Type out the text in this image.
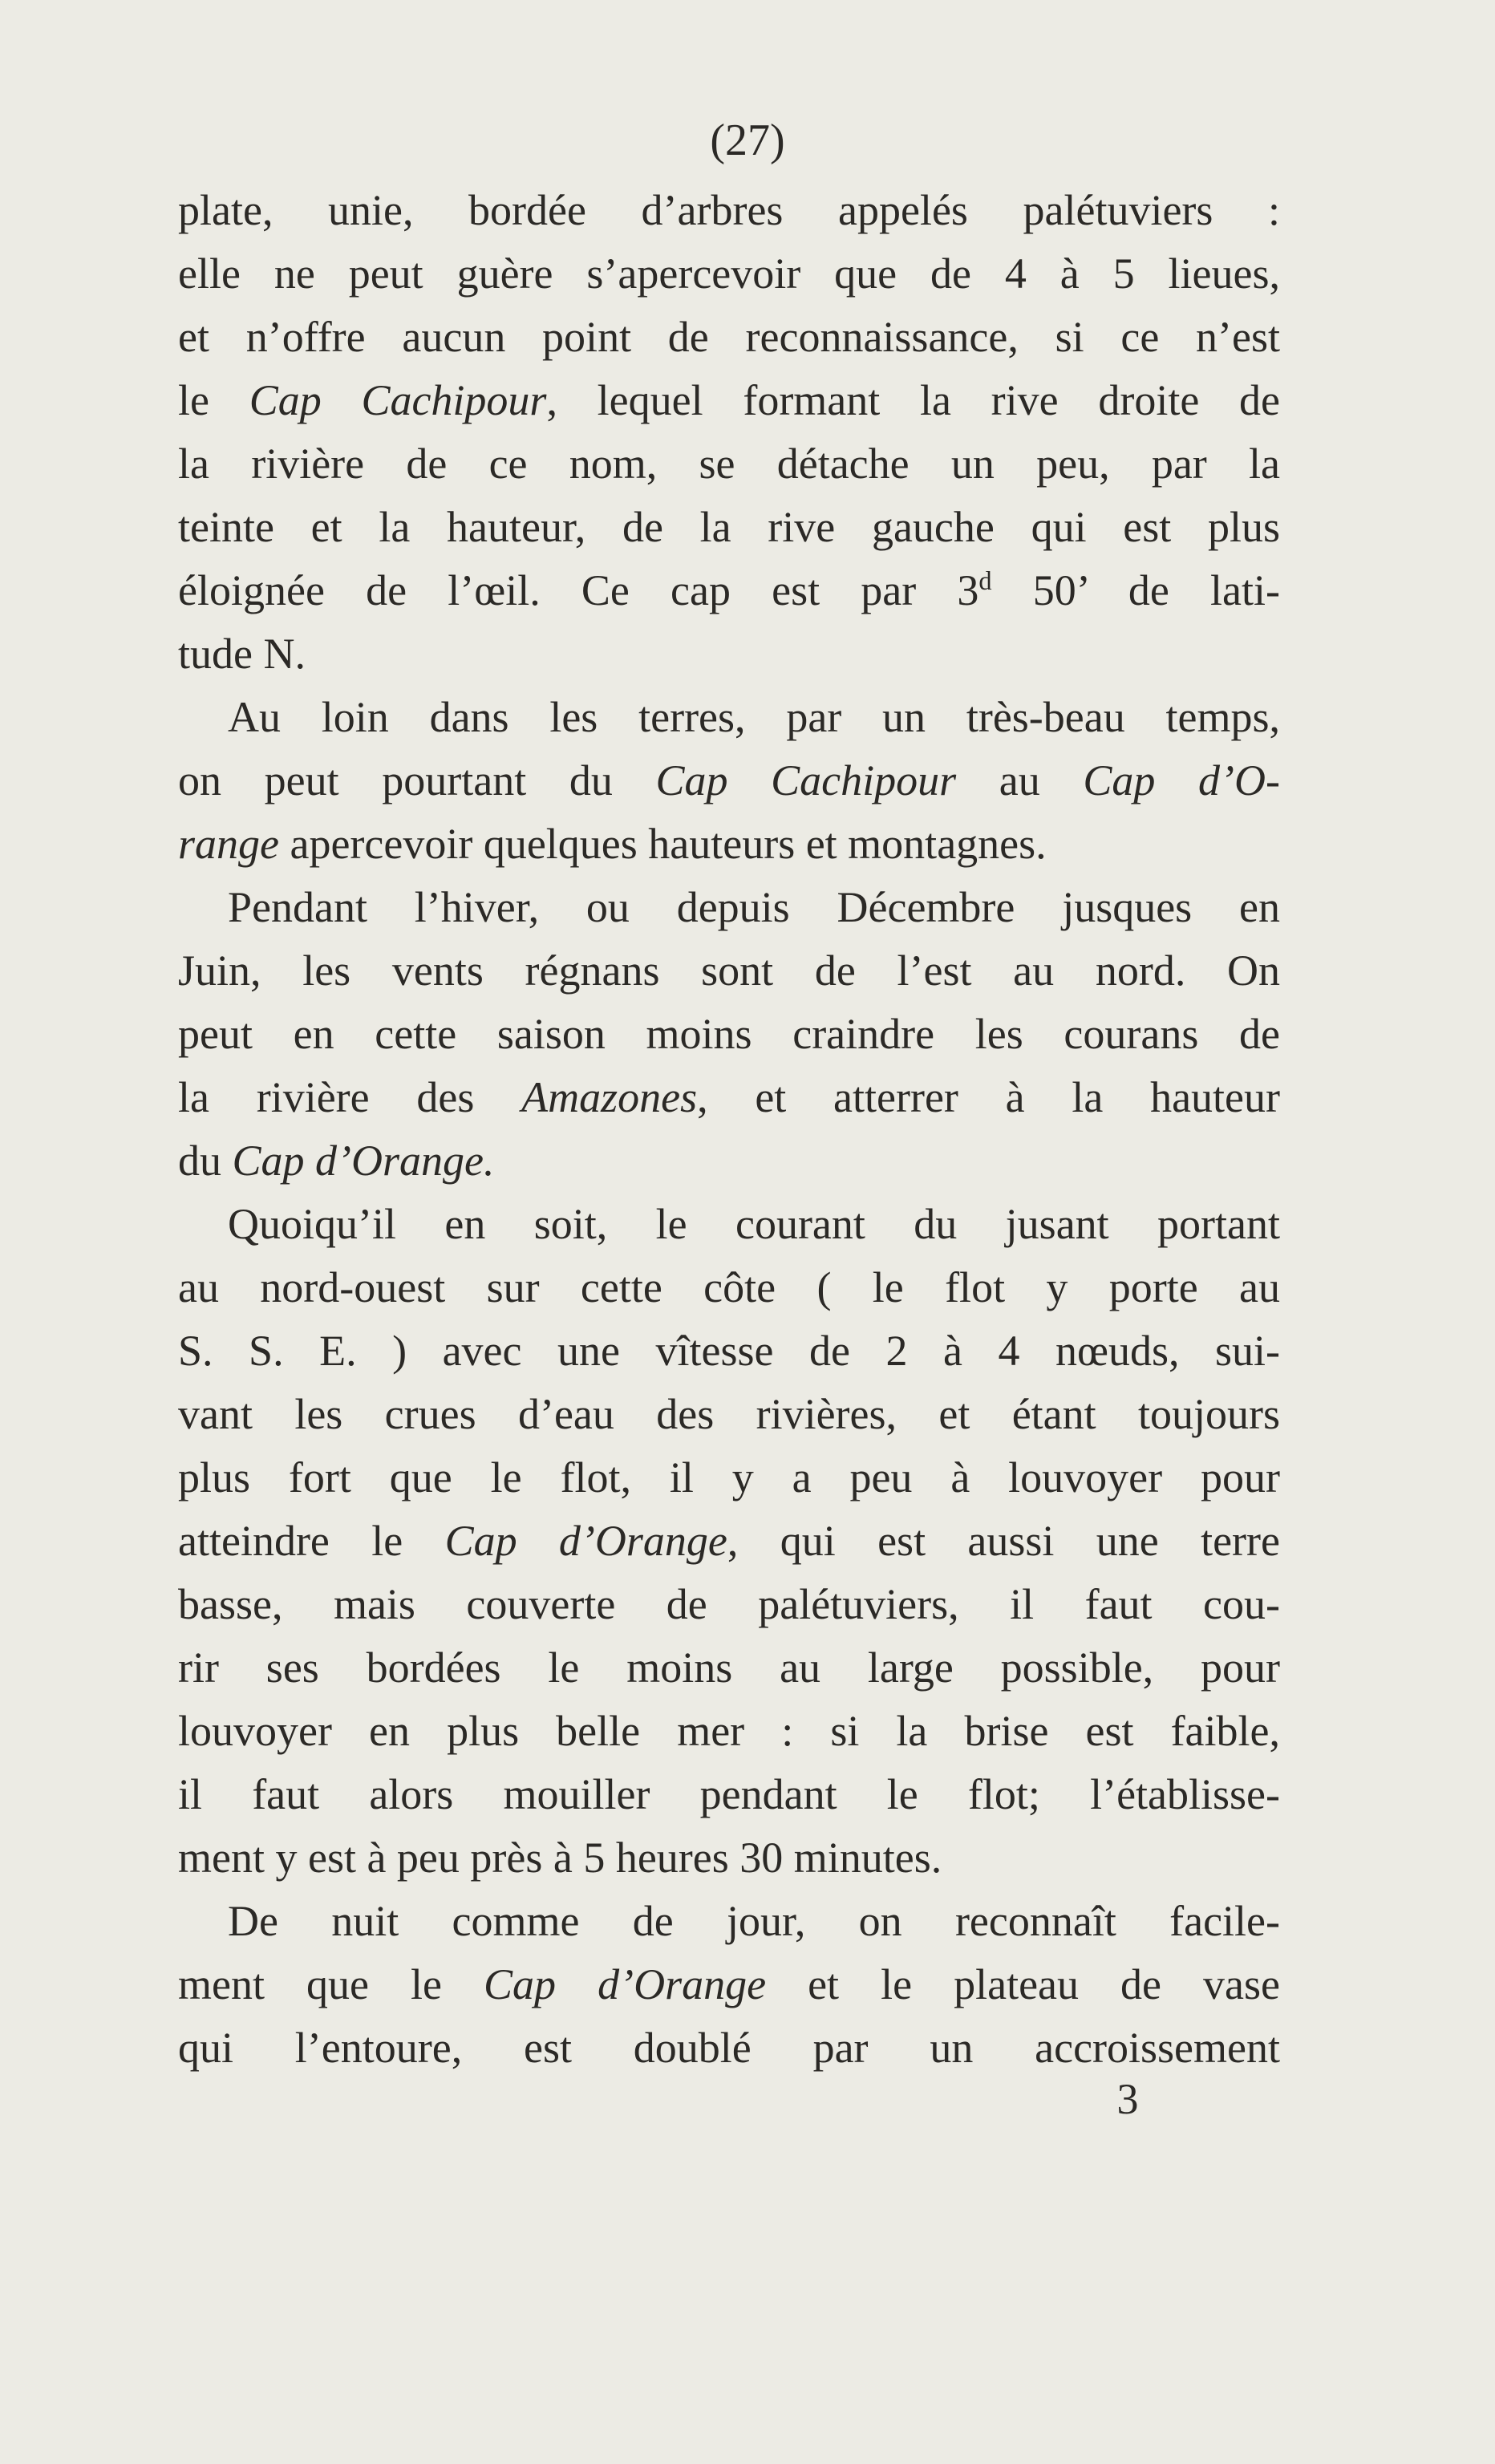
(27)
plate, unie, bordée d’arbres appelés palétuviers :
elle ne peut guère s’apercevoir que de 4 à 5 lieues,
et n’offre aucun point de reconnaissance, si ce n’est
le Cap Cachipour, lequel formant la rive droite de
la rivière de ce nom, se détache un peu, par la
teinte et la hauteur, de la rive gauche qui est plus
éloignée de l’œil. Ce cap est par 3$^d$ 50’ de lati-
tude N.
Au loin dans les terres, par un très-beau temps,
on peut pourtant du Cap Cachipour au Cap d’O-
range apercevoir quelques hauteurs et montagnes.
Pendant l’hiver, ou depuis Décembre jusques en
Juin, les vents régnans sont de l’est au nord. On
peut en cette saison moins craindre les courans de
la rivière des Amazones, et atterrer à la hauteur
du Cap d’Orange.
Quoiqu’il en soit, le courant du jusant portant
au nord-ouest sur cette côte ( le flot y porte au
S. S. E. ) avec une vîtesse de 2 à 4 nœuds, sui-
vant les crues d’eau des rivières, et étant toujours
plus fort que le flot, il y a peu à louvoyer pour
atteindre le Cap d’Orange, qui est aussi une terre
basse, mais couverte de palétuviers, il faut cou-
rir ses bordées le moins au large possible, pour
louvoyer en plus belle mer : si la brise est faible,
il faut alors mouiller pendant le flot; l’établisse-
ment y est à peu près à 5 heures 30 minutes.
De nuit comme de jour, on reconnaît facile-
ment que le Cap d’Orange et le plateau de vase
qui l’entoure, est doublé par un accroissement
3
